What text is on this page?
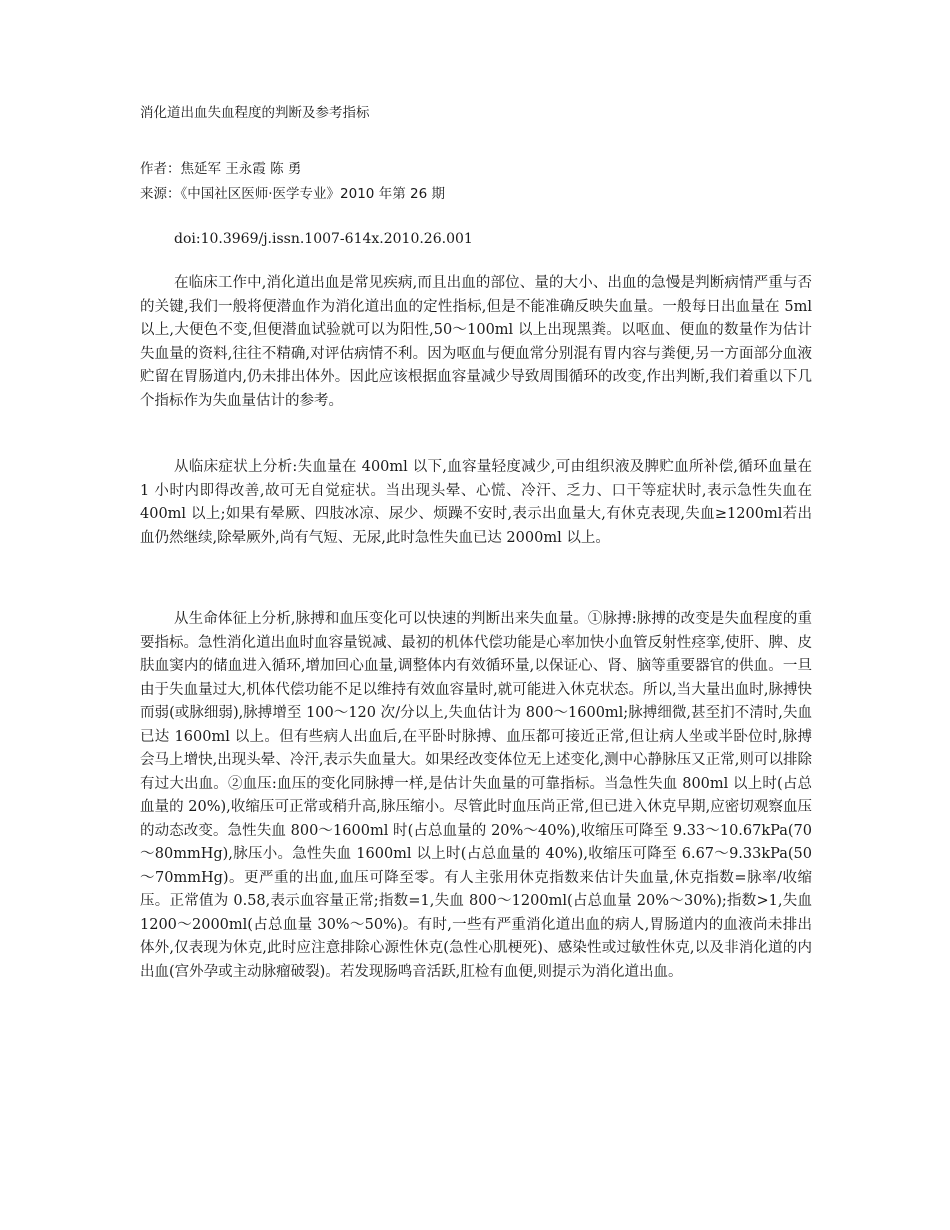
消化道出血失血程度的判断及参考指标
作者：焦延军 王永霞 陈 勇
来源：《中国社区医师·医学专业》2010 年第 26 期
doi:10.3969/j.issn.1007-614x.2010.26.001

在临床工作中,消化道出血是常见疾病,而且出血的部位、量的大小、出血的急慢是判断病情严重与否的关键,我们一般将便潜血作为消化道出血的定性指标,但是不能准确反映失血量。一般每日出血量在 5ml 以上,大便色不变,但便潜血试验就可以为阳性,50～100ml 以上出现黑粪。以呕血、便血的数量作为估计失血量的资料,往往不精确,对评估病情不利。因为呕血与便血常分别混有胃内容与粪便,另一方面部分血液贮留在胃肠道内,仍未排出体外。因此应该根据血容量减少导致周围循环的改变,作出判断,我们着重以下几个指标作为失血量估计的参考。

从临床症状上分析:失血量在 400ml 以下,血容量轻度减少,可由组织液及脾贮血所补偿,循环血量在 1 小时内即得改善,故可无自觉症状。当出现头晕、心慌、冷汗、乏力、口干等症状时,表示急性失血在 400ml 以上;如果有晕厥、四肢冰凉、尿少、烦躁不安时,表示出血量大,有休克表现,失血≥1200ml若出血仍然继续,除晕厥外,尚有气短、无尿,此时急性失血已达 2000ml 以上。

从生命体征上分析,脉搏和血压变化可以快速的判断出来失血量。①脉搏:脉搏的改变是失血程度的重要指标。急性消化道出血时血容量锐减、最初的机体代偿功能是心率加快小血管反射性痉挛,使肝、脾、皮肤血窦内的储血进入循环,增加回心血量,调整体内有效循环量,以保证心、肾、脑等重要器官的供血。一旦由于失血量过大,机体代偿功能不足以维持有效血容量时,就可能进入休克状态。所以,当大量出血时,脉搏快而弱(或脉细弱),脉搏增至 100～120 次/分以上,失血估计为 800～1600ml;脉搏细微,甚至扪不清时,失血已达 1600ml 以上。但有些病人出血后,在平卧时脉搏、血压都可接近正常,但让病人坐或半卧位时,脉搏会马上增快,出现头晕、冷汗,表示失血量大。如果经改变体位无上述变化,测中心静脉压又正常,则可以排除有过大出血。②血压:血压的变化同脉搏一样,是估计失血量的可靠指标。当急性失血 800ml 以上时(占总血量的 20%),收缩压可正常或稍升高,脉压缩小。尽管此时血压尚正常,但已进入休克早期,应密切观察血压的动态改变。急性失血 800～1600ml 时(占总血量的 20%～40%),收缩压可降至 9.33～10.67kPa(70～80mmHg),脉压小。急性失血 1600ml 以上时(占总血量的 40%),收缩压可降至 6.67～9.33kPa(50～70mmHg)。更严重的出血,血压可降至零。有人主张用休克指数来估计失血量,休克指数=脉率/收缩压。正常值为 0.58,表示血容量正常;指数=1,失血 800～1200ml(占总血量 20%～30%);指数>1,失血 1200～2000ml(占总血量 30%～50%)。有时,一些有严重消化道出血的病人,胃肠道内的血液尚未排出体外,仅表现为休克,此时应注意排除心源性休克(急性心肌梗死)、感染性或过敏性休克,以及非消化道的内出血(宫外孕或主动脉瘤破裂)。若发现肠鸣音活跃,肛检有血便,则提示为消化道出血。
